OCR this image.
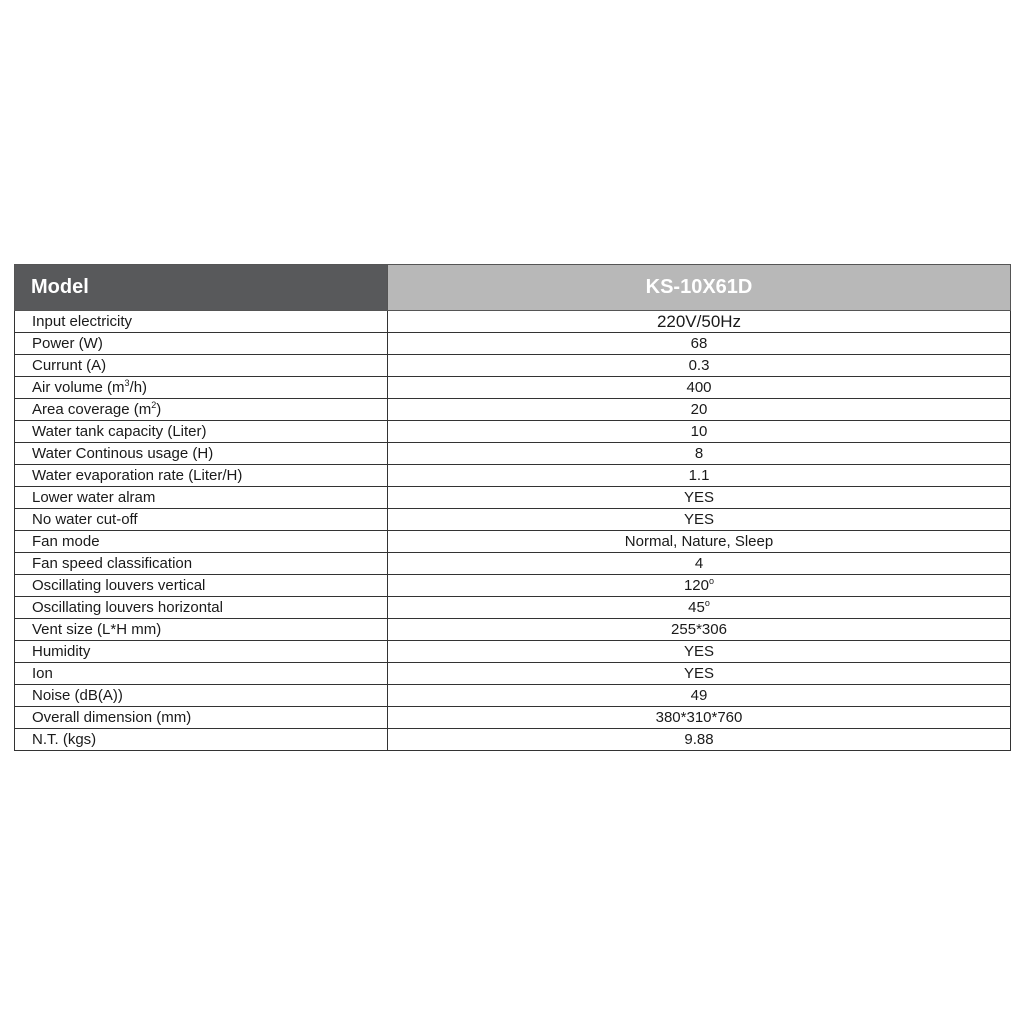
Model	KS-10X61D
Input electricity	220V/50Hz
Power (W)	68
Currunt (A)	0.3
Air volume $(m^3/h)$	400
Area coverage $(m^2)$	20
Water tank capacity (Liter)	10
Water Continous usage (H)	8
Water evaporation rate (Liter/H)	1.1
Lower water alram	YES
No water cut-off	YES
Fan mode	Normal, Nature, Sleep
Fan speed classification	4
Oscillating louvers vertical	120$^o$
Oscillating louvers horizontal	45$^o$
Vent size (L*H mm)	255*306
Humidity	YES
Ion	YES
Noise (dB(A))	49
Overall dimension (mm)	380*310*760
N.T. (kgs)	9.88
